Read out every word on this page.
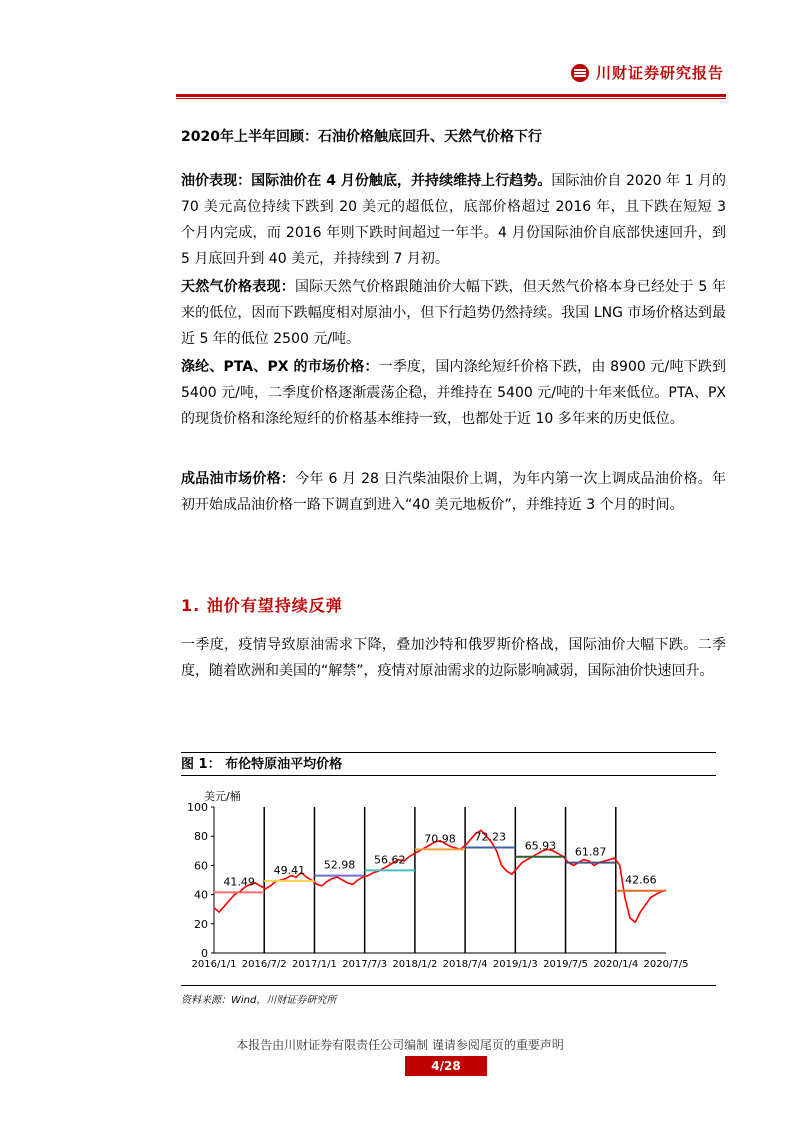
川财证券研究报告
2020年上半年回顾：石油价格触底回升、天然气价格下行
油价表现：国际油价在 4 月份触底，并持续维持上行趋势。国际油价自 2020 年 1 月的 70 美元高位持续下跌到 20 美元的超低位，底部价格超过 2016 年，且下跌在短短 3 个月内完成，而 2016 年则下跌时间超过一年半。4 月份国际油价自底部快速回升，到 5 月底回升到 40 美元，并持续到 7 月初。
天然气价格表现：国际天然气价格跟随油价大幅下跌，但天然气价格本身已经处于 5 年来的低位，因而下跌幅度相对原油小，但下行趋势仍然持续。我国 LNG 市场价格达到最近 5 年的低位 2500 元/吨。
涤纶、PTA、PX 的市场价格：一季度，国内涤纶短纤价格下跌，由 8900 元/吨下跌到 5400 元/吨，二季度价格逐渐震荡企稳，并维持在 5400 元/吨的十年来低位。PTA、PX 的现货价格和涤纶短纤的价格基本维持一致，也都处于近 10 多年来的历史低位。
成品油市场价格：今年 6 月 28 日汽柴油限价上调，为年内第一次上调成品油价格。年初开始成品油价格一路下调直到进入“40 美元地板价”，并维持近 3 个月的时间。
1. 油价有望持续反弹
一季度，疫情导致原油需求下降，叠加沙特和俄罗斯价格战，国际油价大幅下跌。二季度，随着欧洲和美国的“解禁”，疫情对原油需求的边际影响减弱，国际油价快速回升。
图 1： 布伦特原油平均价格
美元/桶
0
20
40
60
80
100
2016/1/1 2016/7/2 2017/1/1 2017/7/3 2018/1/2 2018/7/4 2019/1/3 2019/7/5 2020/1/4 2020/7/5
41.49
49.41 52.98 56.62
70.98 72.23
65.93 61.87
42.66
资料来源：Wind，川财证券研究所
本报告由川财证券有限责任公司编制 谨请参阅尾页的重要声明
4/28
